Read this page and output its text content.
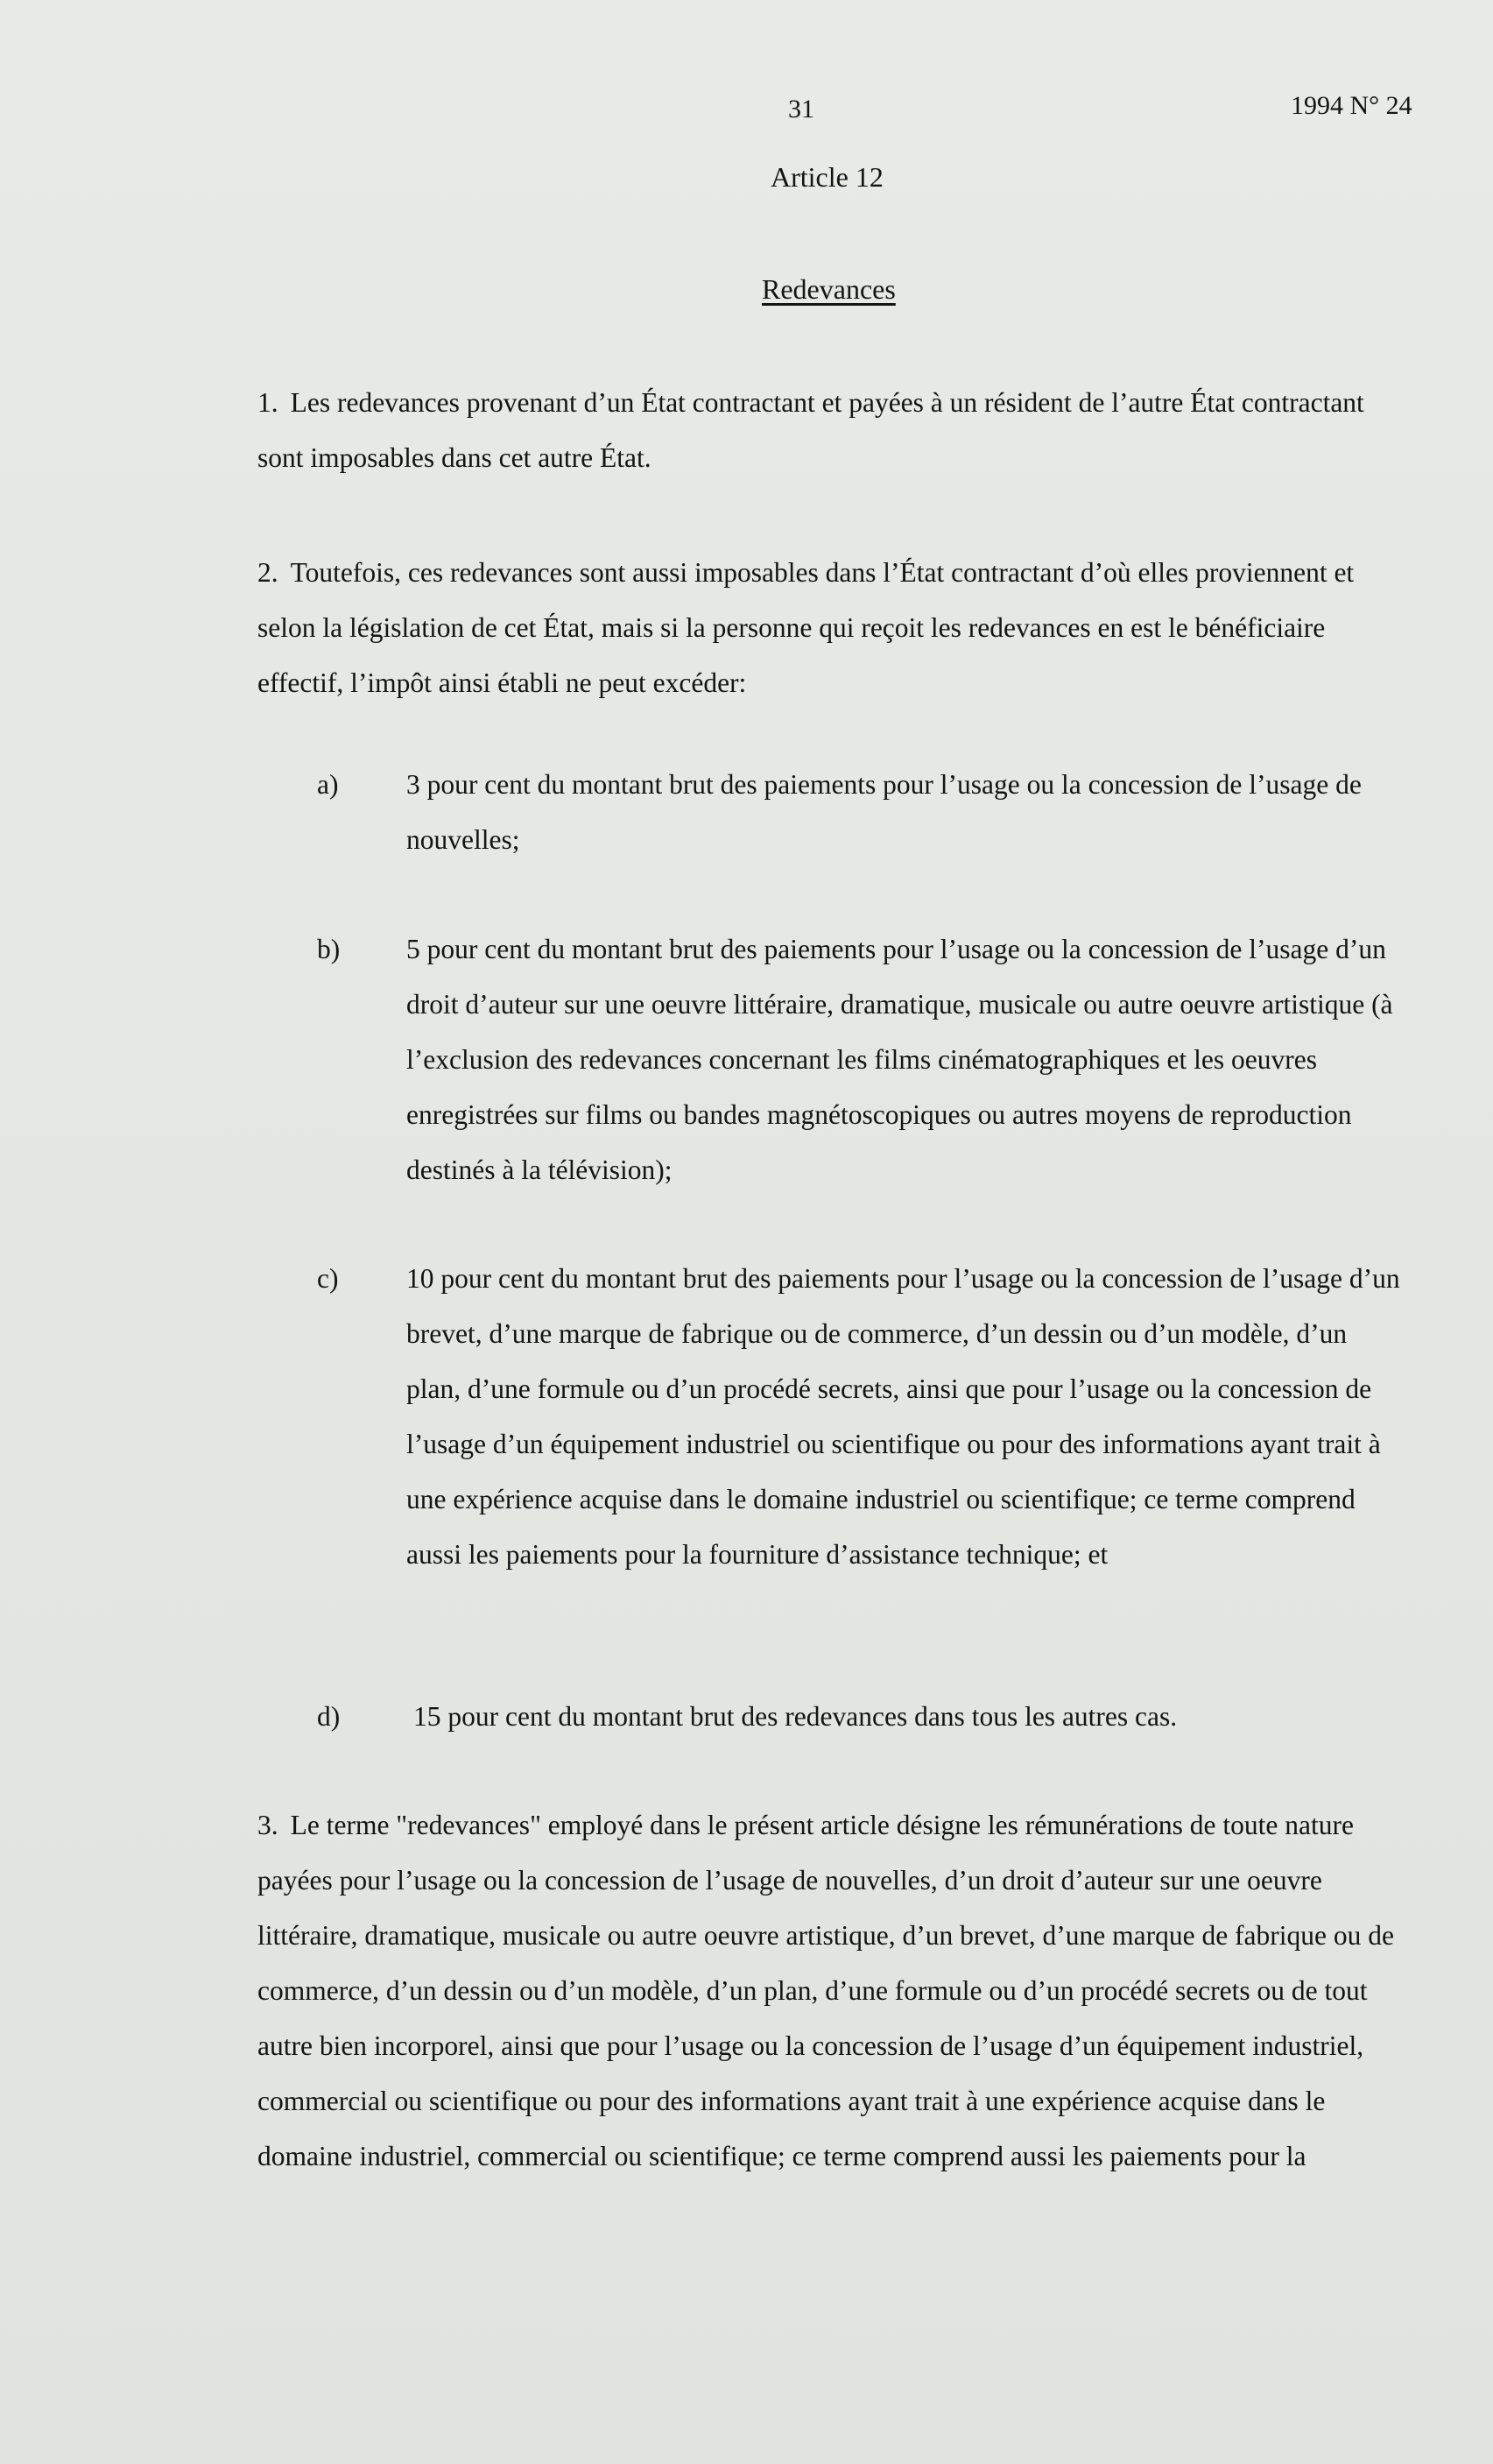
31	1994 N° 24
Article 12
Redevances
1. Les redevances provenant d’un État contractant et payées à un résident de l’autre État contractant sont imposables dans cet autre État.
2. Toutefois, ces redevances sont aussi imposables dans l’État contractant d’où elles proviennent et selon la législation de cet État, mais si la personne qui reçoit les redevances en est le bénéficiaire effectif, l’impôt ainsi établi ne peut excéder:
a) 3 pour cent du montant brut des paiements pour l’usage ou la concession de l’usage de nouvelles;
b) 5 pour cent du montant brut des paiements pour l’usage ou la concession de l’usage d’un droit d’auteur sur une oeuvre littéraire, dramatique, musicale ou autre oeuvre artistique (à l’exclusion des redevances concernant les films cinématographiques et les oeuvres enregistrées sur films ou bandes magnétoscopiques ou autres moyens de reproduction destinés à la télévision);
c) 10 pour cent du montant brut des paiements pour l’usage ou la concession de l’usage d’un brevet, d’une marque de fabrique ou de commerce, d’un dessin ou d’un modèle, d’un plan, d’une formule ou d’un procédé secrets, ainsi que pour l’usage ou la concession de l’usage d’un équipement industriel ou scientifique ou pour des informations ayant trait à une expérience acquise dans le domaine industriel ou scientifique; ce terme comprend aussi les paiements pour la fourniture d’assistance technique; et
d)	15 pour cent du montant brut des redevances dans tous les autres cas.
3. Le terme "redevances" employé dans le présent article désigne les rémunérations de toute nature payées pour l’usage ou la concession de l’usage de nouvelles, d’un droit d’auteur sur une oeuvre littéraire, dramatique, musicale ou autre oeuvre artistique, d’un brevet, d’une marque de fabrique ou de commerce, d’un dessin ou d’un modèle, d’un plan, d’une formule ou d’un procédé secrets ou de tout autre bien incorporel, ainsi que pour l’usage ou la concession de l’usage d’un équipement industriel, commercial ou scientifique ou pour des informations ayant trait à une expérience acquise dans le domaine industriel, commercial ou scientifique; ce terme comprend aussi les paiements pour la
